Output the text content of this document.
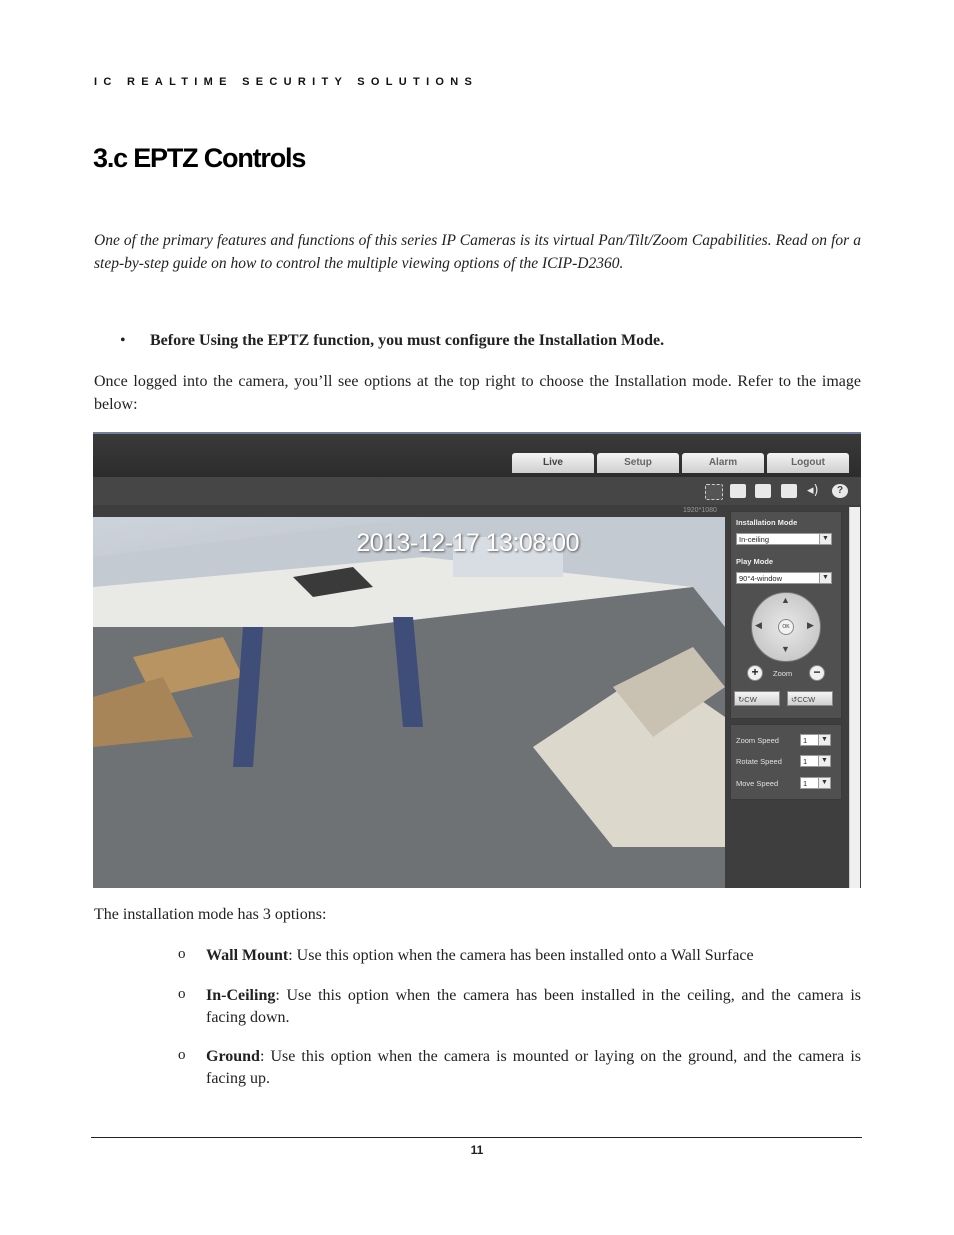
IC REALTIME SECURITY SOLUTIONS
3.c EPTZ Controls
One of the primary features and functions of this series IP Cameras is its virtual Pan/Tilt/Zoom Capabilities. Read on for a step-by-step guide on how to control the multiple viewing options of the ICIP-D2360.
• Before Using the EPTZ function, you must configure the Installation Mode.
Once logged into the camera, you’ll see options at the top right to choose the Installation mode. Refer to the image below:
Live	Setup	Alarm	Logout
◂)	?
1920*1080
2013-12-17 13:08:00
Installation Mode
In-ceiling	▼
Play Mode
90°4-window	▼
▲
▼
◀	▶
OK
+	Zoom	−
↻CW	↺CCW
Zoom Speed	1	▼
Rotate Speed	1	▼
Move Speed	1	▼
The installation mode has 3 options:
o Wall Mount: Use this option when the camera has been installed onto a Wall Surface
o In-Ceiling: Use this option when the camera has been installed in the ceiling, and the camera is facing down.
o Ground: Use this option when the camera is mounted or laying on the ground, and the camera is facing up.
11
